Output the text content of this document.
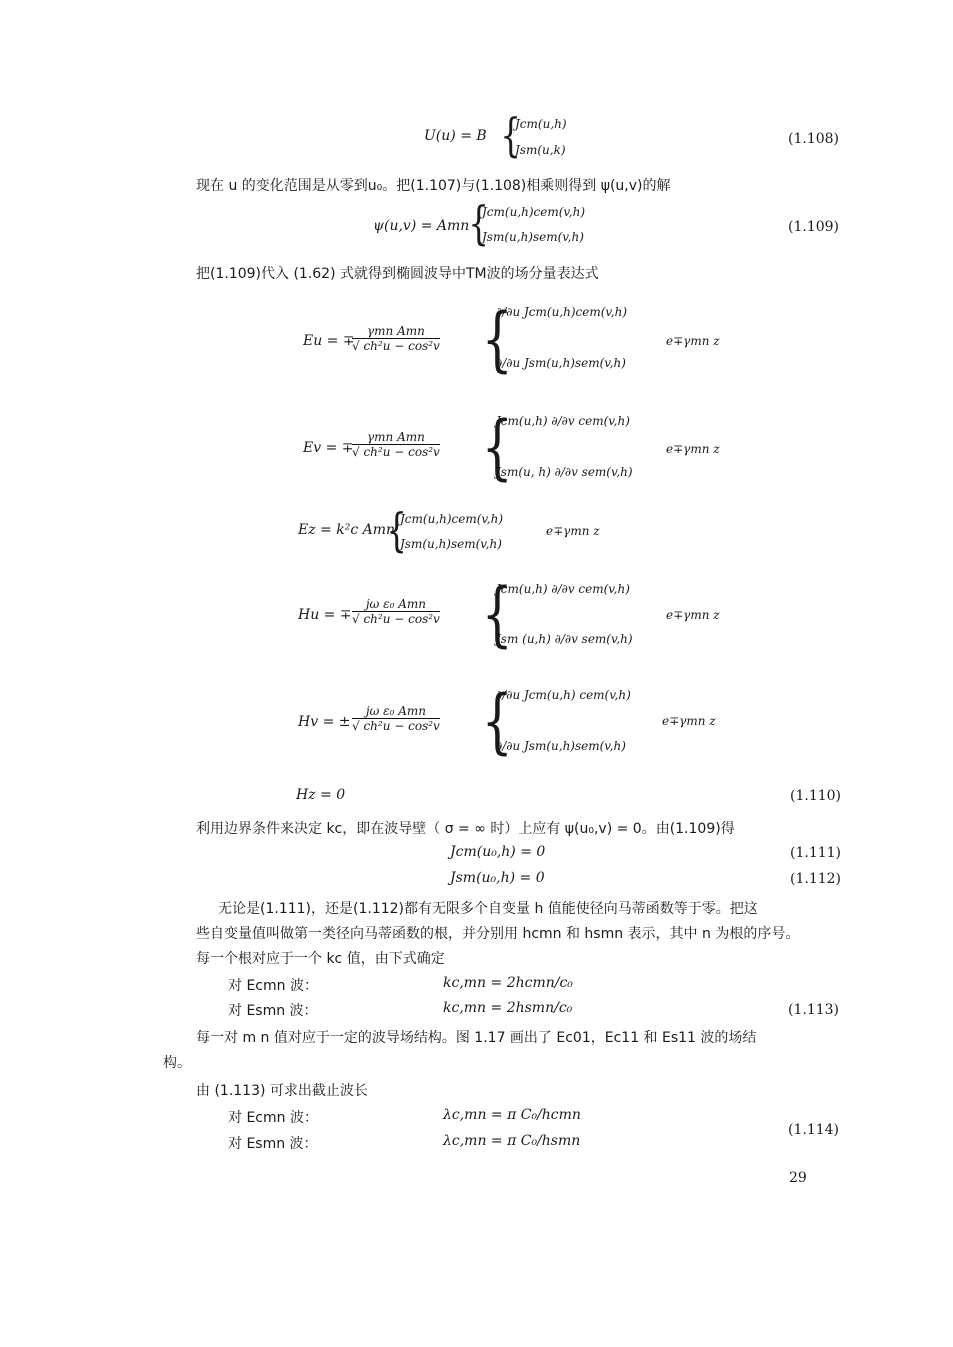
U(u) = B {
Jcm(u,h)
Jsm(u,k)
(1.108)
现在 u 的变化范围是从零到u₀。把(1.107)与(1.108)相乘则得到 ψ(u,v)的解
ψ(u,v) = Amn {
Jcm(u,h)cem(v,h)
Jsm(u,h)sem(v,h)
(1.109)
把(1.109)代入 (1.62) 式就得到椭圆波导中TM波的场分量表达式
Eu = ∓
γmn Amn
√ ch²u − cos²v {
∂/∂u Jcm(u,h)cem(v,h)
∂/∂u Jsm(u,h)sem(v,h)
e∓γmn z
Ev = ∓
γmn Amn
√ ch²u − cos²v {
Jcm(u,h) ∂/∂v cem(v,h)
Jsm(u, h) ∂/∂v sem(v,h)
e∓γmn z
Ez = k²c Amn
{
Jcm(u,h)cem(v,h)
Jsm(u,h)sem(v,h)
e∓γmn z
Hu = ∓
jω ε₀ Amn
√ ch²u − cos²v {
Jcm(u,h) ∂/∂v cem(v,h)
Jsm (u,h) ∂/∂v sem(v,h)
e∓γmn z
Hv = ±
jω ε₀ Amn
√ ch²u − cos²v {
∂/∂u Jcm(u,h) cem(v,h)
∂/∂u Jsm(u,h)sem(v,h)
e∓γmn z
Hz = 0	(1.110)
利用边界条件来决定 kc，即在波导壁（ σ = ∞ 时）上应有 ψ(u₀,v) = 0。由(1.109)得
Jcm(u₀,h) = 0	(1.111)
Jsm(u₀,h) = 0	(1.112)
无论是(1.111)，还是(1.112)都有无限多个自变量 h 值能使径向马蒂函数等于零。把这
些自变量值叫做第一类径向马蒂函数的根，并分别用 hcmn 和 hsmn 表示，其中 n 为根的序号。
每一个根对应于一个 kc 值，由下式确定
对 Ecmn 波：	kc,mn = 2hcmn/c₀
对 Esmn 波：	kc,mn = 2hsmn/c₀	(1.113)
每一对 m n 值对应于一定的波导场结构。图 1.17 画出了 Ec01，Ec11 和 Es11 波的场结
构。
由 (1.113) 可求出截止波长
对 Ecmn 波：	λc,mn = π C₀/hcmn
对 Esmn 波：	λc,mn = π C₀/hsmn
(1.114)
29
